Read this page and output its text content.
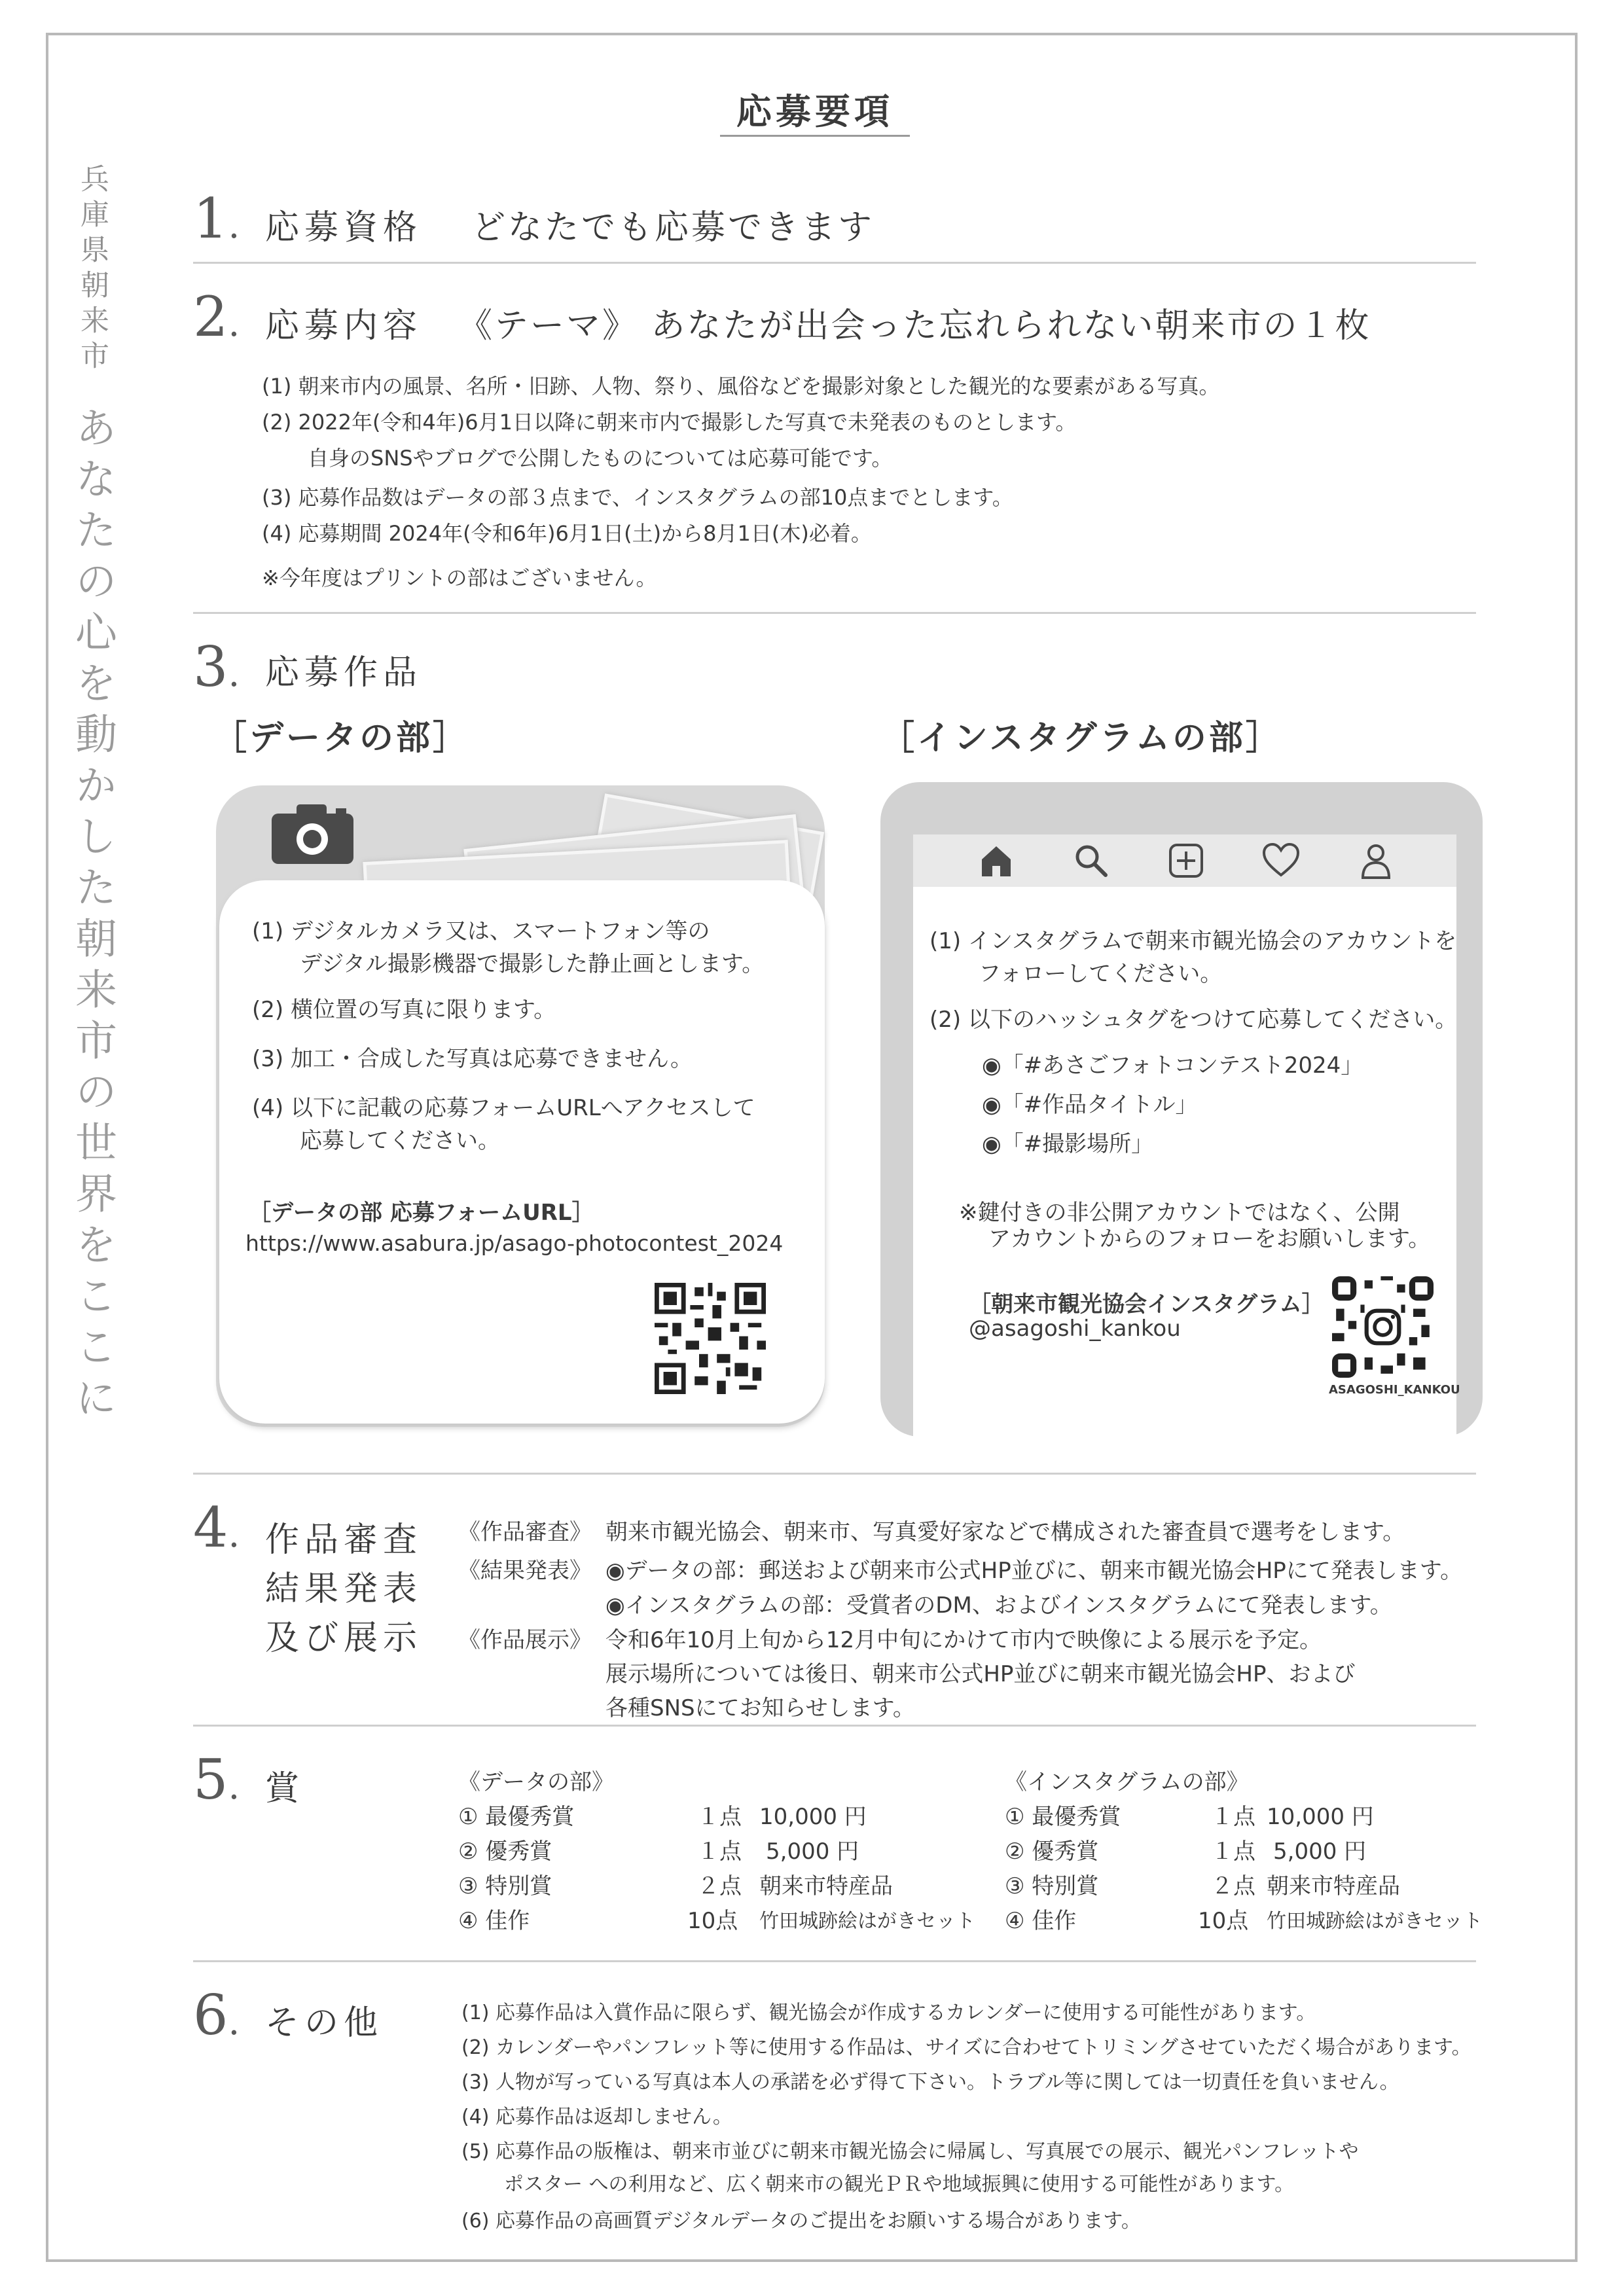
兵庫県朝来市
あなたの心を動かした朝来市の世界をここに
応募要項
1. 応募資格 どなたでも応募できます
2. 応募内容 《テーマ》 あなたが出会った忘れられない朝来市の１枚
(1) 朝来市内の風景、名所・旧跡、人物、祭り、風俗などを撮影対象とした観光的な要素がある写真。
(2) 2022年(令和4年)6月1日以降に朝来市内で撮影した写真で未発表のものとします。
自身のSNSやブログで公開したものについては応募可能です。
(3) 応募作品数はデータの部３点まで、インスタグラムの部10点までとします。
(4) 応募期間 2024年(令和6年)6月1日(土)から8月1日(木)必着。
※今年度はプリントの部はございません。
3. 応募作品
［データの部］	［インスタグラムの部］
(1) デジタルカメラ又は、スマートフォン等の
デジタル撮影機器で撮影した静止画とします。
(2) 横位置の写真に限ります。
(3) 加工・合成した写真は応募できません。
(4) 以下に記載の応募フォームURLへアクセスして
応募してください。
［データの部 応募フォームURL］
https://www.asabura.jp/asago-photocontest_2024
(1) インスタグラムで朝来市観光協会のアカウントを
フォローしてください。
(2) 以下のハッシュタグをつけて応募してください。
◉「#あさごフォトコンテスト2024」
◉「#作品タイトル」
◉「#撮影場所」
※鍵付きの非公開アカウントではなく、公開
アカウントからのフォローをお願いします。
［朝来市観光協会インスタグラム］
@asagoshi_kankou
ASAGOSHI_KANKOU
4. 作品審査
結果発表
及び展示
《作品審査》 朝来市観光協会、朝来市、写真愛好家などで構成された審査員で選考をします。
《結果発表》 ◉データの部：郵送および朝来市公式HP並びに、朝来市観光協会HPにて発表します。
◉インスタグラムの部：受賞者のDM、およびインスタグラムにて発表します。
《作品展示》 令和6年10月上旬から12月中旬にかけて市内で映像による展示を予定。
展示場所については後日、朝来市公式HP並びに朝来市観光協会HP、および
各種SNSにてお知らせします。
5. 賞	《データの部》
① 最優秀賞	１点 10,000 円
② 優秀賞	１点 5,000 円
③ 特別賞	２点 朝来市特産品
④ 佳作	10点 竹田城跡絵はがきセット
《インスタグラムの部》
① 最優秀賞	１点 10,000 円
② 優秀賞	１点 5,000 円
③ 特別賞	２点 朝来市特産品
④ 佳作	10点 竹田城跡絵はがきセット
6. その他	(1) 応募作品は入賞作品に限らず、観光協会が作成するカレンダーに使用する可能性があります。
(2) カレンダーやパンフレット等に使用する作品は、サイズに合わせてトリミングさせていただく場合があります。
(3) 人物が写っている写真は本人の承諾を必ず得て下さい。トラブル等に関しては一切責任を負いません。
(4) 応募作品は返却しません。
(5) 応募作品の版権は、朝来市並びに朝来市観光協会に帰属し、写真展での展示、観光パンフレットや
ポスター への利用など、広く朝来市の観光ＰＲや地域振興に使用する可能性があります。
(6) 応募作品の高画質デジタルデータのご提出をお願いする場合があります。
